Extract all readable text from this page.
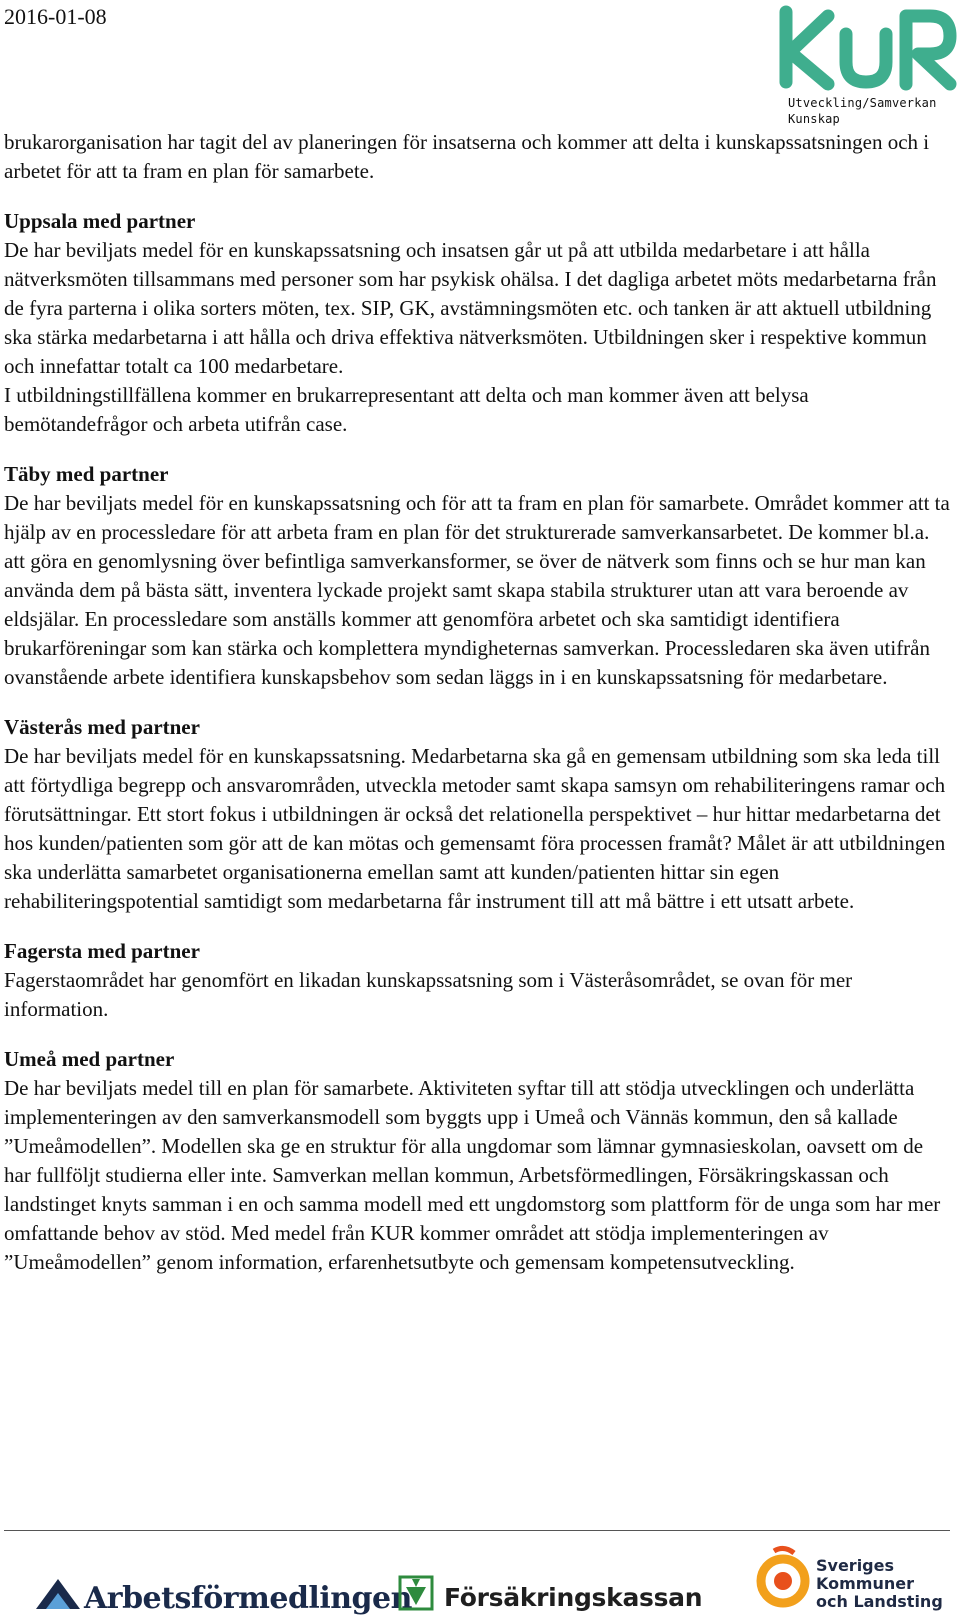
2016-01-08
Utveckling/Samverkan
Kunskap

brukarorganisation har tagit del av planeringen för insatserna och kommer att delta i kunskapssatsningen och i arbetet för att ta fram en plan för samarbete.

Uppsala med partner

De har beviljats medel för en kunskapssatsning och insatsen går ut på att utbilda medarbetare i att hålla nätverksmöten tillsammans med personer som har psykisk ohälsa. I det dagliga arbetet möts medarbetarna från de fyra parterna i olika sorters möten, tex. SIP, GK, avstämningsmöten etc. och tanken är att aktuell utbildning ska stärka medarbetarna i att hålla och driva effektiva nätverksmöten. Utbildningen sker i respektive kommun och innefattar totalt ca 100 medarbetare.

I utbildningstillfällena kommer en brukarrepresentant att delta och man kommer även att belysa bemötandefrågor och arbeta utifrån case.

Täby med partner

De har beviljats medel för en kunskapssatsning och för att ta fram en plan för samarbete. Området kommer att ta hjälp av en processledare för att arbeta fram en plan för det strukturerade samverkansarbetet. De kommer bl.a. att göra en genomlysning över befintliga samverkansformer, se över de nätverk som finns och se hur man kan använda dem på bästa sätt, inventera lyckade projekt samt skapa stabila strukturer utan att vara beroende av eldsjälar. En processledare som anställs kommer att genomföra arbetet och ska samtidigt identifiera brukarföreningar som kan stärka och komplettera myndigheternas samverkan. Processledaren ska även utifrån ovanstående arbete identifiera kunskapsbehov som sedan läggs in i en kunskapssatsning för medarbetare.

Västerås med partner

De har beviljats medel för en kunskapssatsning. Medarbetarna ska gå en gemensam utbildning som ska leda till att förtydliga begrepp och ansvarområden, utveckla metoder samt skapa samsyn om rehabiliteringens ramar och förutsättningar. Ett stort fokus i utbildningen är också det relationella perspektivet – hur hittar medarbetarna det hos kunden/patienten som gör att de kan mötas och gemensamt föra processen framåt? Målet är att utbildningen ska underlätta samarbetet organisationerna emellan samt att kunden/patienten hittar sin egen rehabiliteringspotential samtidigt som medarbetarna får instrument till att må bättre i ett utsatt arbete.

Fagersta med partner

Fagerstaområdet har genomfört en likadan kunskapssatsning som i Västeråsområdet, se ovan för mer information.

Umeå med partner

De har beviljats medel till en plan för samarbete. Aktiviteten syftar till att stödja utvecklingen och underlätta implementeringen av den samverkansmodell som byggts upp i Umeå och Vännäs kommun, den så kallade ”Umeåmodellen”. Modellen ska ge en struktur för alla ungdomar som lämnar gymnasieskolan, oavsett om de har fullföljt studierna eller inte. Samverkan mellan kommun, Arbetsförmedlingen, Försäkringskassan och landstinget knyts samman i en och samma modell med ett ungdomstorg som plattform för de unga som har mer omfattande behov av stöd. Med medel från KUR kommer området att stödja implementeringen av ”Umeåmodellen” genom information, erfarenhetsutbyte och gemensam kompetensutveckling.

Arbetsförmedlingen Försäkringskassan
Sveriges
Kommuner
och Landsting
